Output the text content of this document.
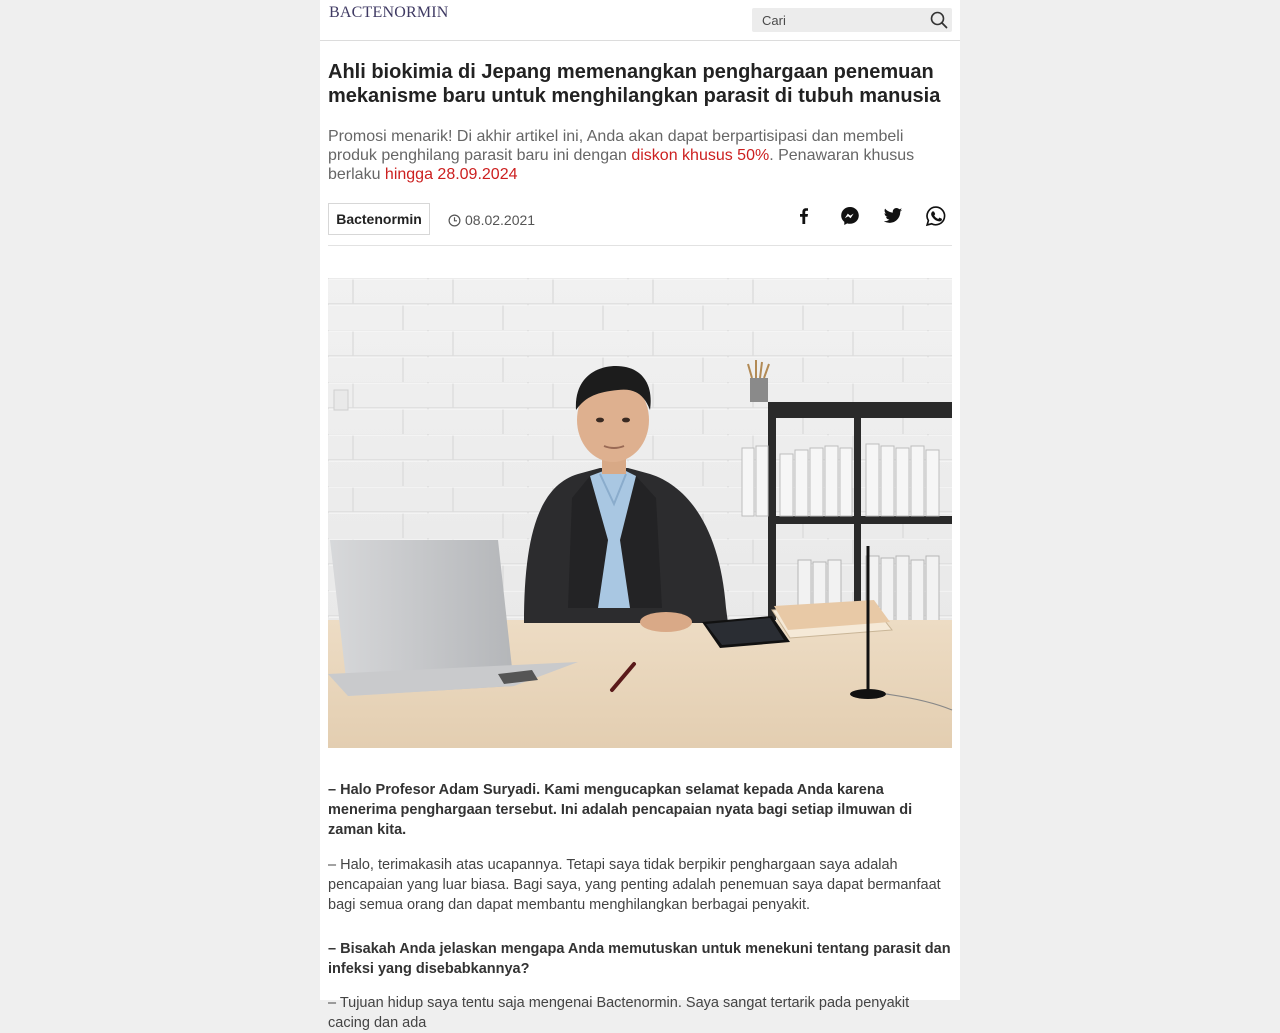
BACTENORMIN
Cari
Ahli biokimia di Jepang memenangkan penghargaan penemuan mekanisme baru untuk menghilangkan parasit di tubuh manusia

Promosi menarik! Di akhir artikel ini, Anda akan dapat berpartisipasi dan membeli produk penghilang parasit baru ini dengan diskon khusus 50%. Penawaran khusus berlaku hingga 28.09.2024

Bactenormin	08.02.2021

– Halo Profesor Adam Suryadi. Kami mengucapkan selamat kepada Anda karena menerima penghargaan tersebut. Ini adalah pencapaian nyata bagi setiap ilmuwan di zaman kita.

– Halo, terimakasih atas ucapannya. Tetapi saya tidak berpikir penghargaan saya adalah pencapaian yang luar biasa. Bagi saya, yang penting adalah penemuan saya dapat bermanfaat bagi semua orang dan dapat membantu menghilangkan berbagai penyakit.

– Bisakah Anda jelaskan mengapa Anda memutuskan untuk menekuni tentang parasit dan infeksi yang disebabkannya?

– Tujuan hidup saya tentu saja mengenai Bactenormin. Saya sangat tertarik pada penyakit cacing dan ada
